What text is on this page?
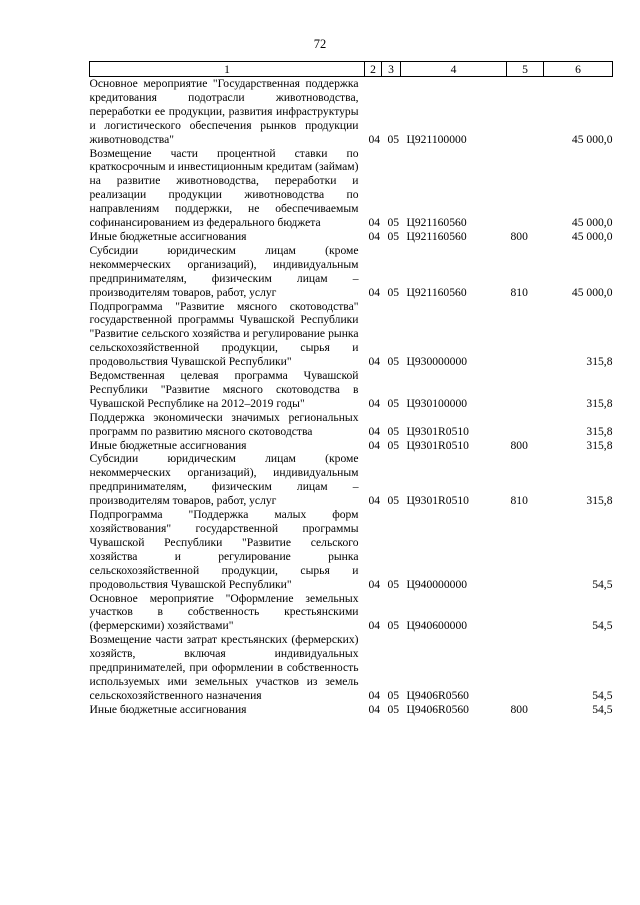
72
1	2	3	4	5	6
Основное мероприятие "Государственная поддержка кредитования подотрасли животноводства, переработки ее продукции, развития инфраструктуры и логистического обеспечения рынков продукции животноводства"	04	05	Ц921100000		45 000,0
Возмещение части процентной ставки по краткосрочным и инвестиционным кредитам (займам) на развитие животноводства, переработки и реализации продукции животноводства по направлениям поддержки, не обеспечиваемым софинансированием из федерального бюджета	04	05	Ц921160560		45 000,0
Иные бюджетные ассигнования	04	05	Ц921160560	800	45 000,0
Субсидии юридическим лицам (кроме некоммерческих организаций), индивидуальным предпринимателям, физическим лицам – производителям товаров, работ, услуг	04	05	Ц921160560	810	45 000,0
Подпрограмма "Развитие мясного скотоводства" государственной программы Чувашской Республики "Развитие сельского хозяйства и регулирование рынка сельскохозяйственной продукции, сырья и продовольствия Чувашской Республики"	04	05	Ц930000000		315,8
Ведомственная целевая программа Чувашской Республики "Развитие мясного скотоводства в Чувашской Республике на 2012–2019 годы"	04	05	Ц930100000		315,8
Поддержка экономически значимых региональных программ по развитию мясного скотоводства	04	05	Ц9301R0510		315,8
Иные бюджетные ассигнования	04	05	Ц9301R0510	800	315,8
Субсидии юридическим лицам (кроме некоммерческих организаций), индивидуальным предпринимателям, физическим лицам – производителям товаров, работ, услуг	04	05	Ц9301R0510	810	315,8
Подпрограмма "Поддержка малых форм хозяйствования" государственной программы Чувашской Республики "Развитие сельского хозяйства и регулирование рынка сельскохозяйственной продукции, сырья и продовольствия Чувашской Республики"	04	05	Ц940000000		54,5
Основное мероприятие "Оформление земельных участков в собственность крестьянскими (фермерскими) хозяйствами"	04	05	Ц940600000		54,5
Возмещение части затрат крестьянских (фермерских) хозяйств, включая индивидуальных предпринимателей, при оформлении в собственность используемых ими земельных участков из земель сельскохозяйственного назначения	04	05	Ц9406R0560		54,5
Иные бюджетные ассигнования	04	05	Ц9406R0560	800	54,5
